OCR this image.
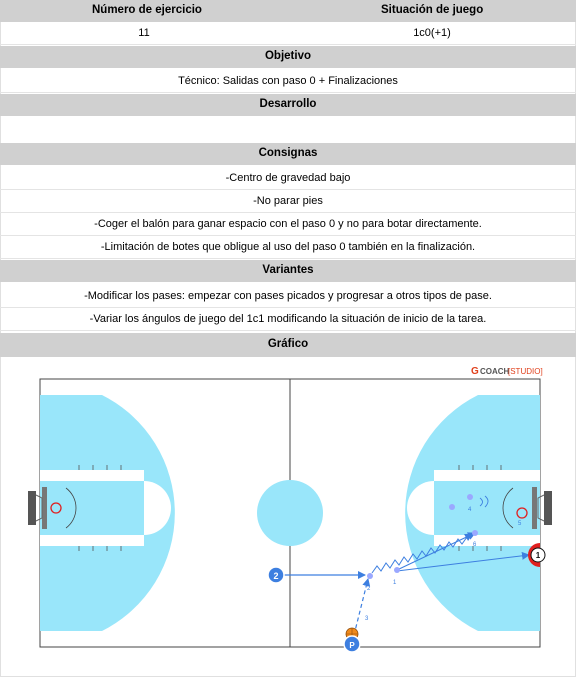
Número de ejercicio	Situación de juego
11	1c0(+1)
Objetivo
Técnico: Salidas con paso 0 + Finalizaciones
Desarrollo
Consignas
-Centro de gravedad bajo
-No parar pies
-Coger el balón para ganar espacio con el paso 0 y no para botar directamente.
-Limitación de botes que obligue al uso del paso 0 también en la finalización.
Variantes
-Modificar los pases: empezar con pases picados y progresar a otros tipos de pase.
-Variar los ángulos de juego del 1c1 modificando la situación de inicio de la tarea.
Gráfico
G COACH
[STUDIO]
1
2
3
4
5
6
2
P
1
